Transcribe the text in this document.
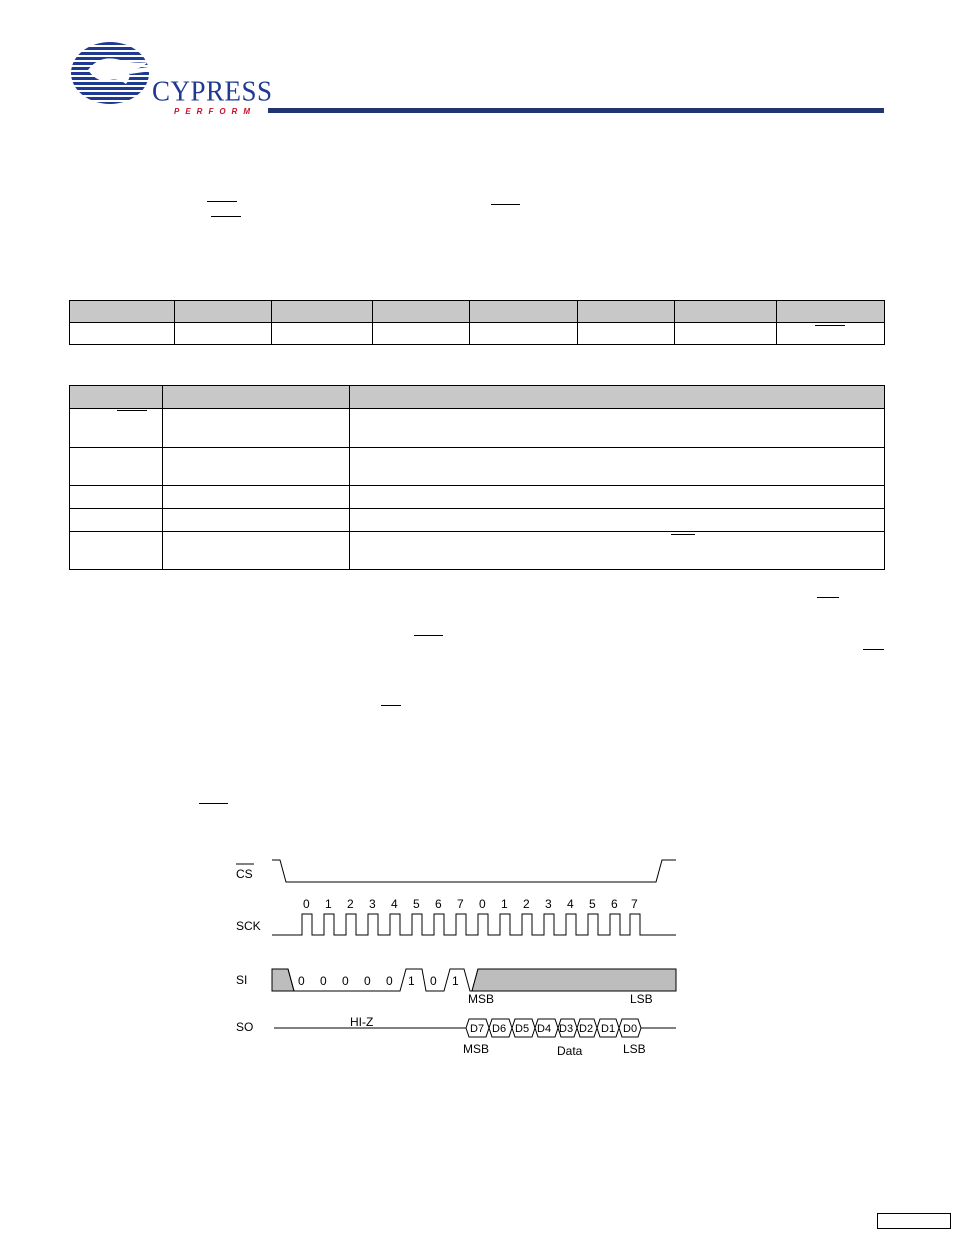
CYPRESS
PERFORM

CS
SCK
SI
SO
0 1 2 3 4 5 6 7 0 1 2 3 4 5 6 7
0 0 0 0 0 1 0 1
MSB	LSB
HI-Z	D7 D6 D5 D4 D3 D2 D1 D0
MSB	Data	LSB
